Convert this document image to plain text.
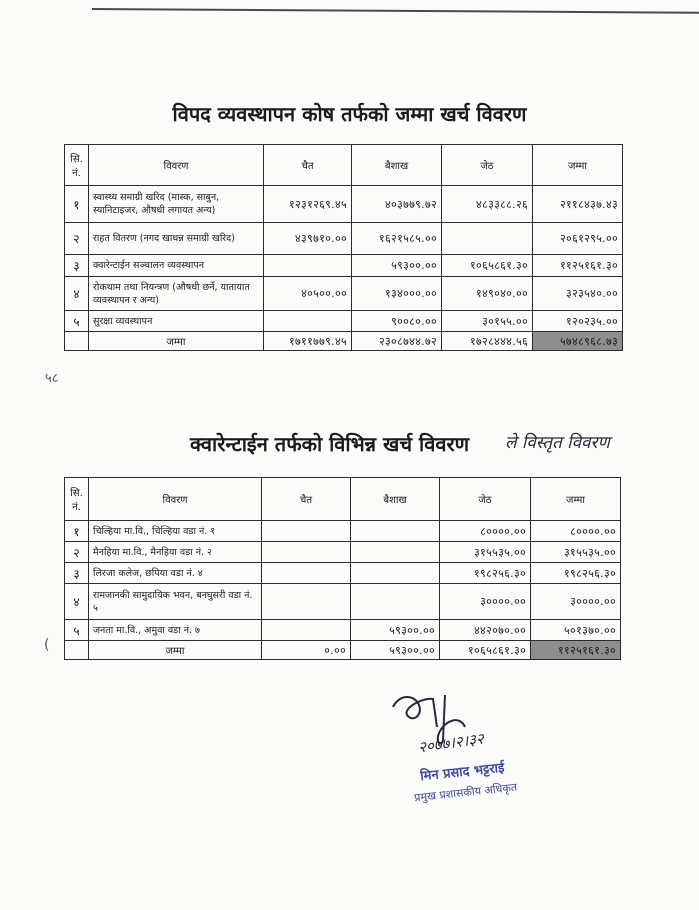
विपद व्यवस्थापन कोष तर्फको जम्मा खर्च विवरण
सि. नं.	विवरण	चैत	बैशाख	जेठ	जम्मा
१	स्वास्थ्य समाग्री खरिद (मास्क, साबुन, स्यानिटाइजर, औषधी लगायत अन्य)	१२३१२६९.४५	४०३७७९.७२	४८३३८८.२६	२११८४३७.४३
२	राहत वितरण (नगद खाधन्न समाग्री खरिद)	४३९७१०.००	१६२१५८५.००		२०६१२९५.००
३	क्वारेन्टाईन सञ्चालन व्यवस्थापन		५९३००.००	१०६५८६१.३०	११२५१६१.३०
४	रोकथाम तथा नियन्त्रण (औषधी छर्ने, यातायात व्यवस्थापन र अन्य)	४०५००.००	१३४०००.००	१४९०४०.००	३२३५४०.००
५	सुरक्षा व्यवस्थापन		९००८०.००	३०१५५.००	१२०२३५.००
	जम्मा	१७११७७९.४५	२३०८७४४.७२	१७२८४४४.५६	५७४८९६८.७३
५८
क्वारेन्टाईन तर्फको विभिन्न खर्च विवरण ले विस्तृत विवरण
सि. नं.	विवरण	चैत	बैशाख	जेठ	जम्मा
१	चिल्हिया मा.वि., चिल्हिया वडा नं. १			८००००.००	८००००.००
२	मैनहिया मा.वि., मैनहिया वडा नं. २			३१५५३५.००	३१५५३५.००
३	लिरजा कलेज, छपिया वडा नं. ४			१९८२५६.३०	१९८२५६.३०
४	रामजानकी सामुदायिक भवन, बनघुसरी वडा नं. ५			३००००.००	३००००.००
५	जनता मा.वि., अमुवा वडा नं. ७		५९३००.००	४४२०७०.००	५०१३७०.००
	जम्मा	०.००	५९३००.००	१०६५८६१.३०	११२५१६१.३०
(
२०७७।२।३२
मिन प्रसाद भट्टराई
प्रमुख प्रशासकीय अधिकृत
